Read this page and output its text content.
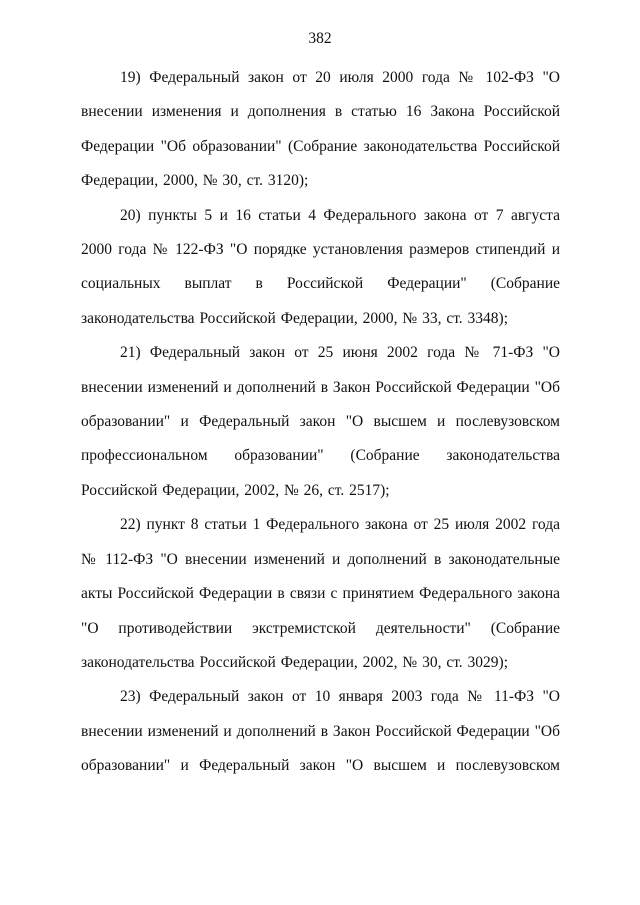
382

19) Федеральный закон от 20 июля 2000 года № 102-ФЗ "О внесении изменения и дополнения в статью 16 Закона Российской Федерации "Об образовании" (Собрание законодательства Российской Федерации, 2000, № 30, ст. 3120);

20) пункты 5 и 16 статьи 4 Федерального закона от 7 августа 2000 года № 122-ФЗ "О порядке установления размеров стипендий и социальных выплат в Российской Федерации" (Собрание законодательства Российской Федерации, 2000, № 33, ст. 3348);

21) Федеральный закон от 25 июня 2002 года № 71-ФЗ "О внесении изменений и дополнений в Закон Российской Федерации "Об образовании" и Федеральный закон "О высшем и послевузовском профессиональном образовании" (Собрание законодательства Российской Федерации, 2002, № 26, ст. 2517);

22) пункт 8 статьи 1 Федерального закона от 25 июля 2002 года № 112-ФЗ "О внесении изменений и дополнений в законодательные акты Российской Федерации в связи с принятием Федерального закона "О противодействии экстремистской деятельности" (Собрание законодательства Российской Федерации, 2002, № 30, ст. 3029);

23) Федеральный закон от 10 января 2003 года № 11-ФЗ "О внесении изменений и дополнений в Закон Российской Федерации "Об образовании" и Федеральный закон "О высшем и послевузовском
